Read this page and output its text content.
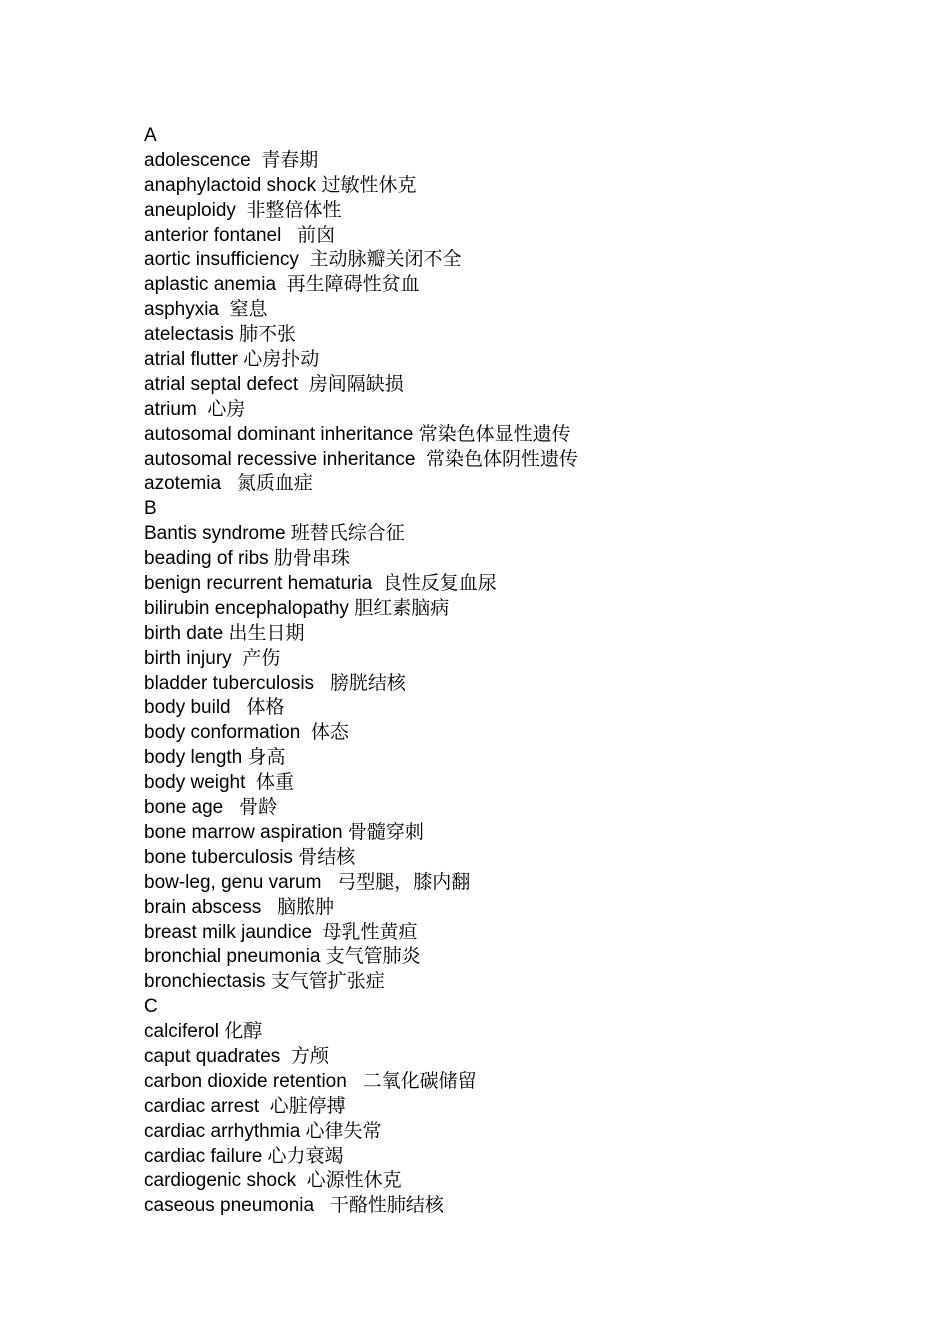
A
adolescence  青春期
anaphylactoid shock 过敏性休克
aneuploidy  非整倍体性
anterior fontanel   前囟
aortic insufficiency  主动脉瓣关闭不全
aplastic anemia  再生障碍性贫血
asphyxia  窒息
atelectasis 肺不张
atrial flutter 心房扑动
atrial septal defect  房间隔缺损
atrium  心房
autosomal dominant inheritance 常染色体显性遗传
autosomal recessive inheritance  常染色体阴性遗传
azotemia   氮质血症
B
Bantis syndrome 班替氏综合征
beading of ribs 肋骨串珠
benign recurrent hematuria  良性反复血尿
bilirubin encephalopathy 胆红素脑病
birth date 出生日期
birth injury  产伤
bladder tuberculosis   膀胱结核
body build   体格
body conformation  体态
body length 身高
body weight  体重
bone age   骨龄
bone marrow aspiration 骨髓穿刺
bone tuberculosis 骨结核
bow-leg, genu varum   弓型腿，膝内翻
brain abscess   脑脓肿
breast milk jaundice  母乳性黄疸
bronchial pneumonia 支气管肺炎
bronchiectasis 支气管扩张症
C
calciferol 化醇
caput quadrates  方颅
carbon dioxide retention   二氧化碳储留
cardiac arrest  心脏停搏
cardiac arrhythmia 心律失常
cardiac failure 心力衰竭
cardiogenic shock  心源性休克
caseous pneumonia   干酪性肺结核
